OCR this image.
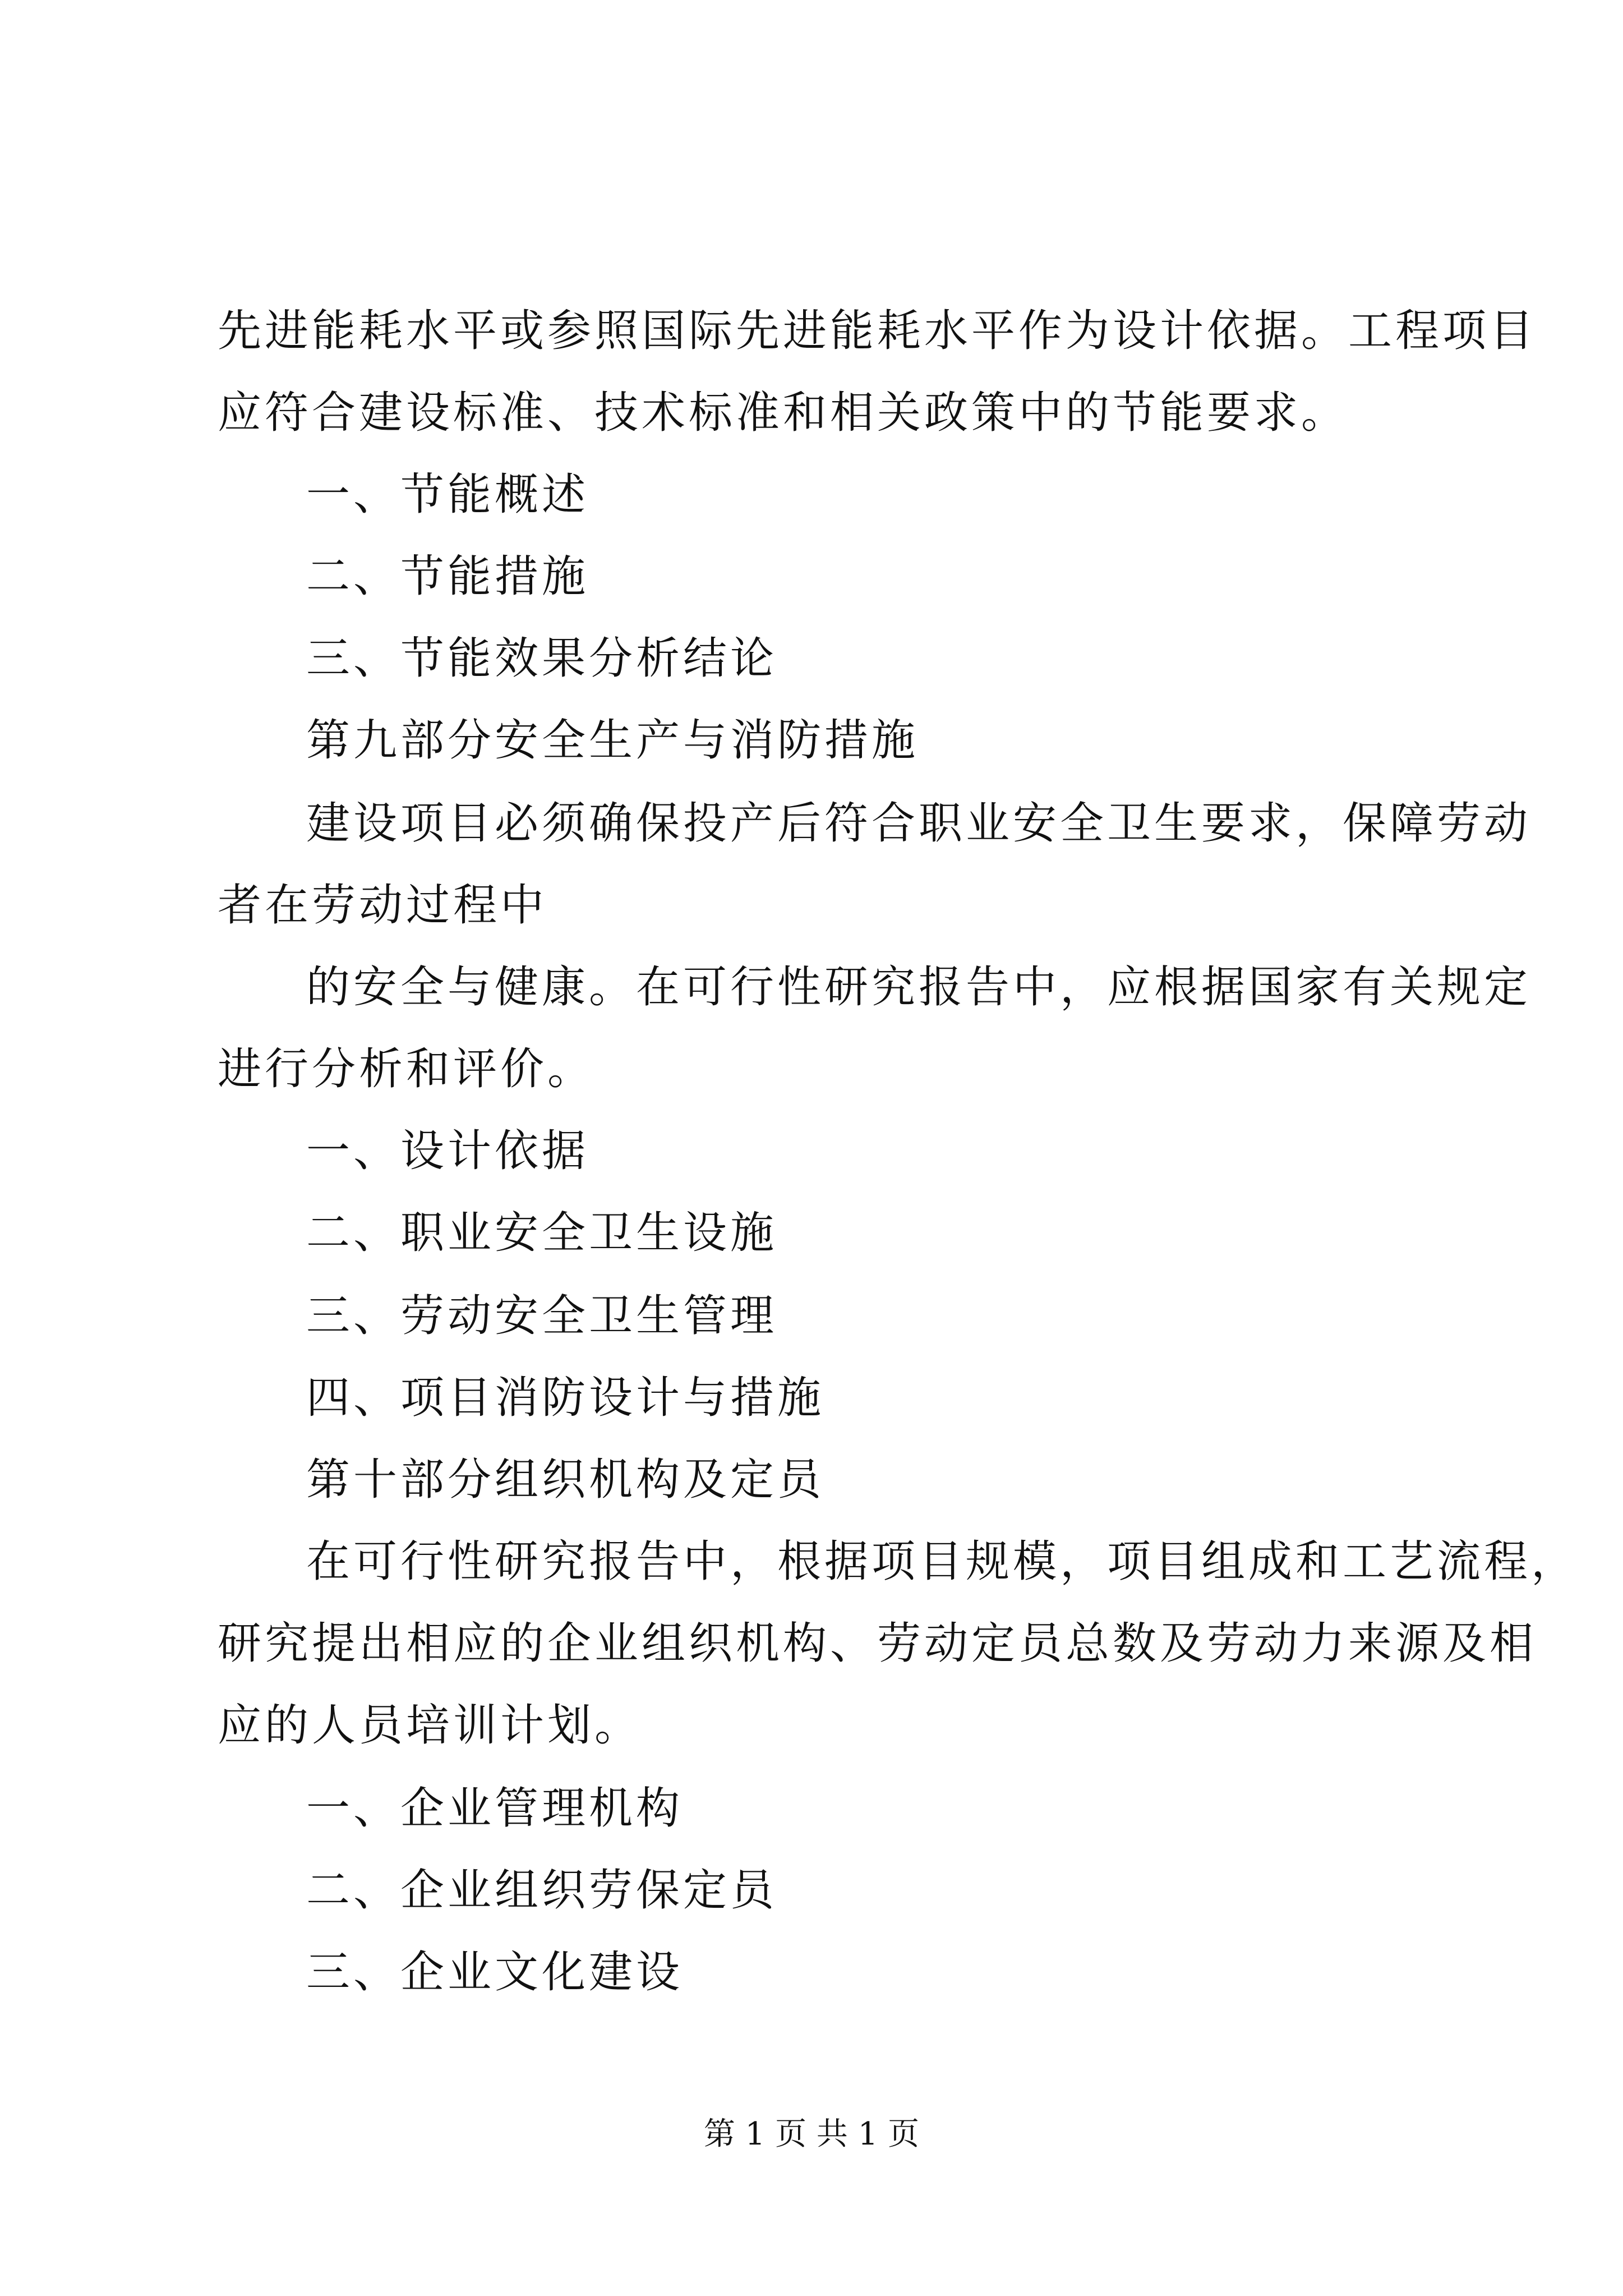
先进能耗水平或参照国际先进能耗水平作为设计依据。工程项目
应符合建设标准、技术标准和相关政策中的节能要求。
一、节能概述
二、节能措施
三、节能效果分析结论
第九部分安全生产与消防措施
建设项目必须确保投产后符合职业安全卫生要求，保障劳动
者在劳动过程中
的安全与健康。在可行性研究报告中，应根据国家有关规定
进行分析和评价。
一、设计依据
二、职业安全卫生设施
三、劳动安全卫生管理
四、项目消防设计与措施
第十部分组织机构及定员
在可行性研究报告中，根据项目规模，项目组成和工艺流程，
研究提出相应的企业组织机构、劳动定员总数及劳动力来源及相
应的人员培训计划。
一、企业管理机构
二、企业组织劳保定员
三、企业文化建设
第 1 页 共 1 页
